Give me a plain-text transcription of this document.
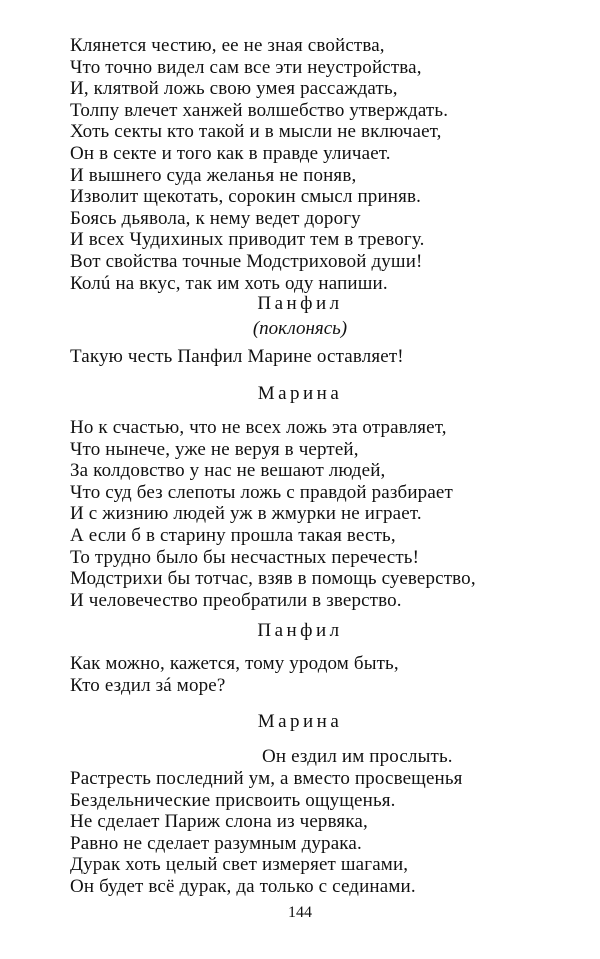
Клянется честию, ее не зная свойства,
Что точно видел сам все эти неустройства,
И, клятвой ложь свою умея рассаждать,
Толпу влечет ханжей волшебство утверждать.
Хоть секты кто такой и в мысли не включает,
Он в секте и того как в правде уличает.
И вышнего суда желанья не поняв,
Изволит щекотать, сорокин смысл приняв.
Боясь дьявола, к нему ведет дорогу
И всех Чудихиных приводит тем в тревогу.
Вот свойства точные Модстриховой души!
Колú на вкус, так им хоть оду напиши.
Панфил
(поклонясь)
Такую честь Панфил Марине оставляет!
Марина
Но к счастью, что не всех ложь эта отравляет,
Что нынече, уже не веруя в чертей,
За колдовство у нас не вешают людей,
Что суд без слепоты ложь с правдой разбирает
И с жизнию людей уж в жмурки не играет.
А если б в старину прошла такая весть,
То трудно было бы несчастных перечесть!
Модстрихи бы тотчас, взяв в помощь суеверство,
И человечество преобратили в зверство.
Панфил
Как можно, кажется, тому уродом быть,
Кто ездил зá море?
Марина
Он ездил им прослыть.
Растресть последний ум, а вместо просвещенья
Бездельнические присвоить ощущенья.
Не сделает Париж слона из червяка,
Равно не сделает разумным дурака.
Дурак хоть целый свет измеряет шагами,
Он будет всё дурак, да только с сединами.
144
